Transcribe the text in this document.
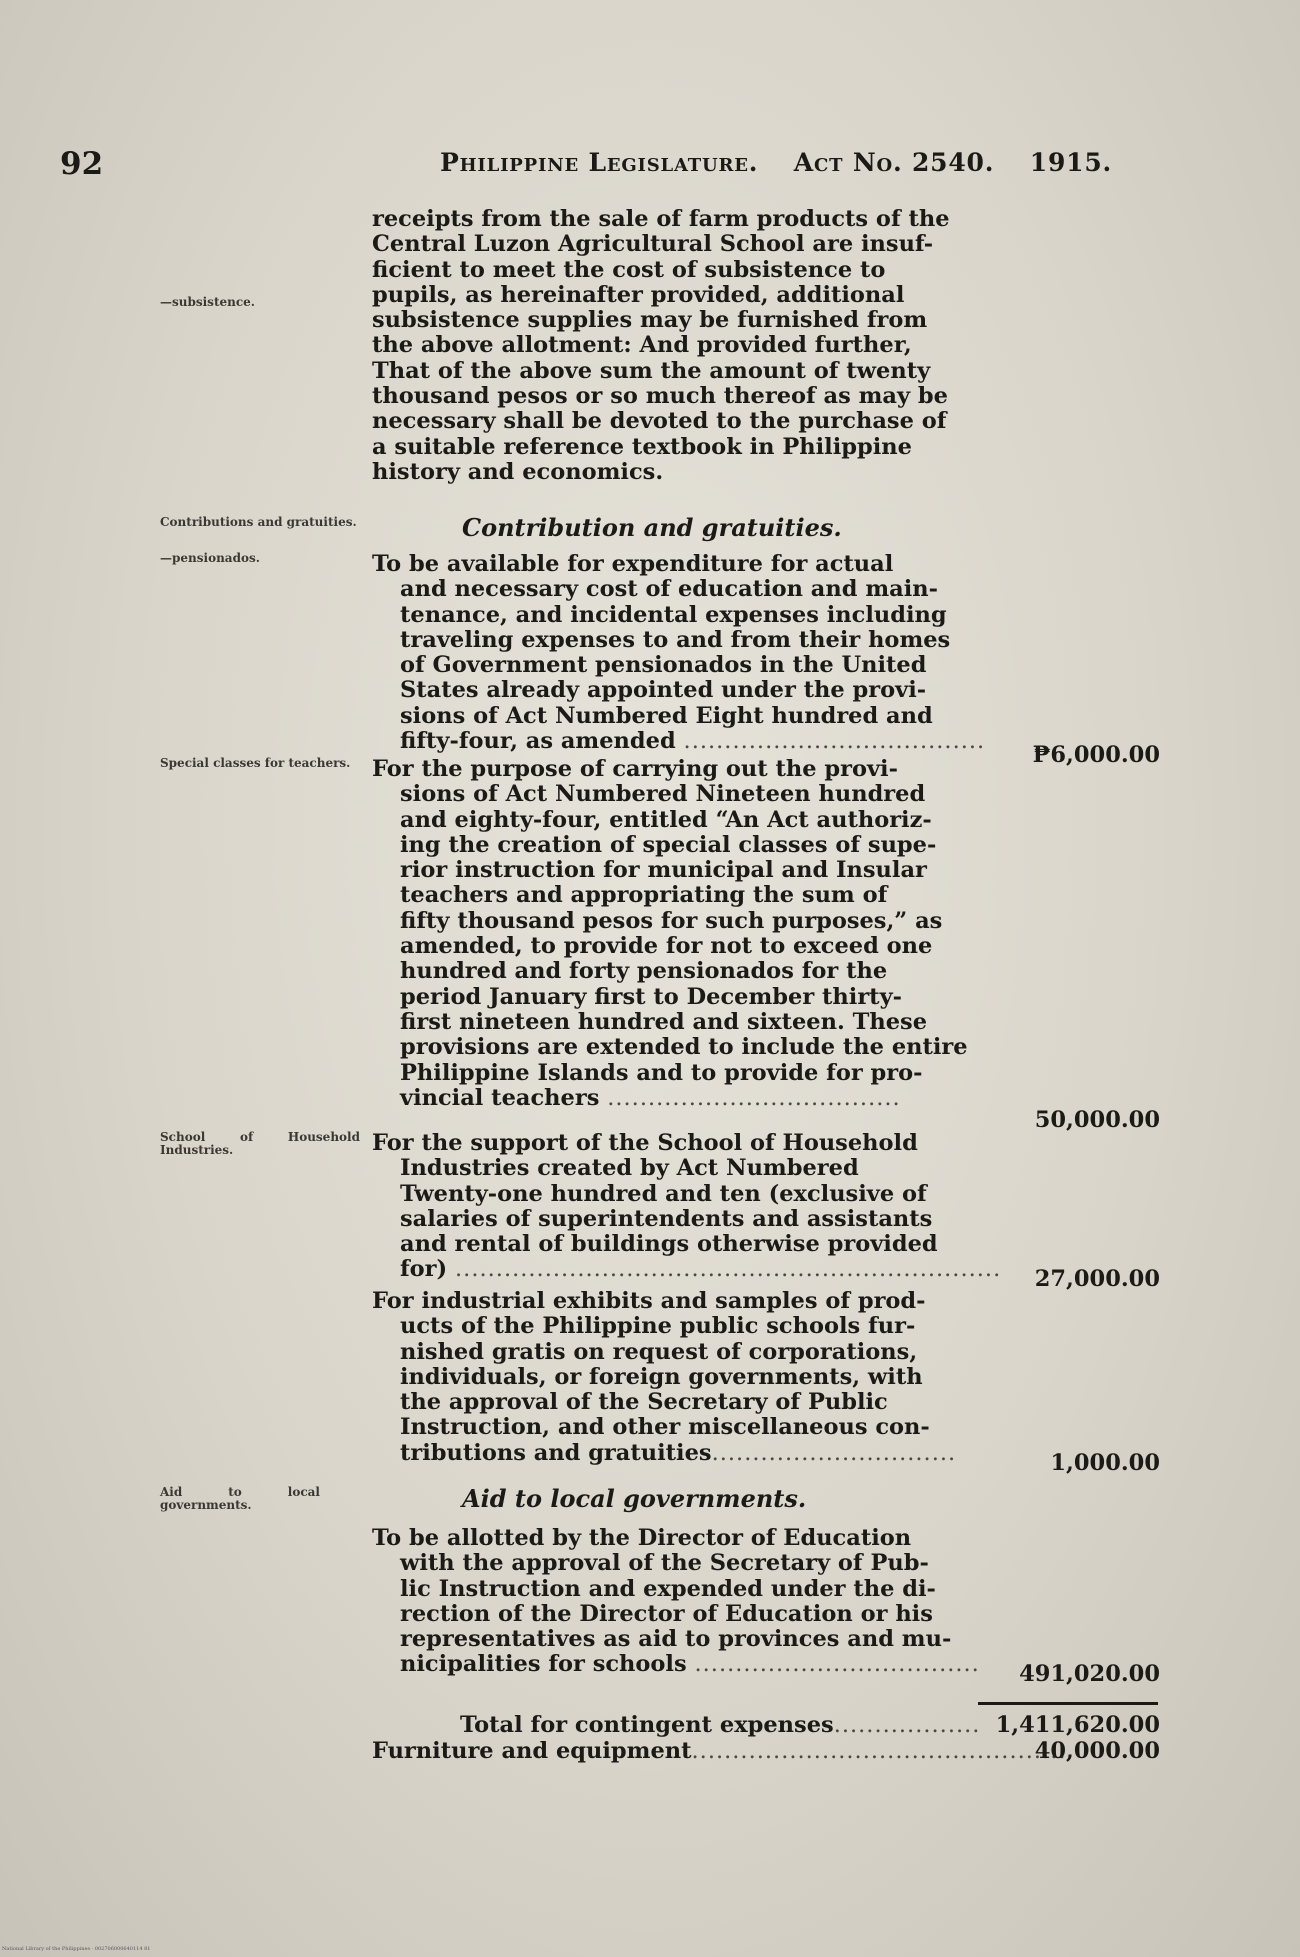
92	Philippine Legislature. Act No. 2540. 1915.
—subsistence.
Contributions and gratuities.
—pensionados.
Special classes for teachers.
School of Household Industries.
Aid to local governments.
receipts from the sale of farm products of the
Central Luzon Agricultural School are insuf-
ficient to meet the cost of subsistence to
pupils, as hereinafter provided, additional
subsistence supplies may be furnished from
the above allotment: And provided further,
That of the above sum the amount of twenty
thousand pesos or so much thereof as may be
necessary shall be devoted to the purchase of
a suitable reference textbook in Philippine
history and economics.
Contribution and gratuities.
To be available for expenditure for actual
and necessary cost of education and main-
tenance, and incidental expenses including
traveling expenses to and from their homes
of Government pensionados in the United
States already appointed under the provi-
sions of Act Numbered Eight hundred and
fifty-four, as amended .....................................
₱6,000.00
For the purpose of carrying out the provi-
sions of Act Numbered Nineteen hundred
and eighty-four, entitled “An Act authoriz-
ing the creation of special classes of supe-
rior instruction for municipal and Insular
teachers and appropriating the sum of
fifty thousand pesos for such purposes,” as
amended, to provide for not to exceed one
hundred and forty pensionados for the
period January first to December thirty-
first nineteen hundred and sixteen. These
provisions are extended to include the entire
Philippine Islands and to provide for pro-
vincial teachers ....................................
50,000.00
For the support of the School of Household
Industries created by Act Numbered
Twenty-one hundred and ten (exclusive of
salaries of superintendents and assistants
and rental of buildings otherwise provided
for) ................................................................... 27,000.00
For industrial exhibits and samples of prod-
ucts of the Philippine public schools fur-
nished gratis on request of corporations,
individuals, or foreign governments, with
the approval of the Secretary of Public
Instruction, and other miscellaneous con-
tributions and gratuities..............................	1,000.00
Aid to local governments.
To be allotted by the Director of Education
with the approval of the Secretary of Pub-
lic Instruction and expended under the di-
rection of the Director of Education or his
representatives as aid to provinces and mu-
nicipalities for schools ................................... 491,020.00
Total for contingent expenses.................. 1,411,620.00
Furniture and equipment..............................................
40,000.00
National Library of the Philippines · 002706000640114 81
